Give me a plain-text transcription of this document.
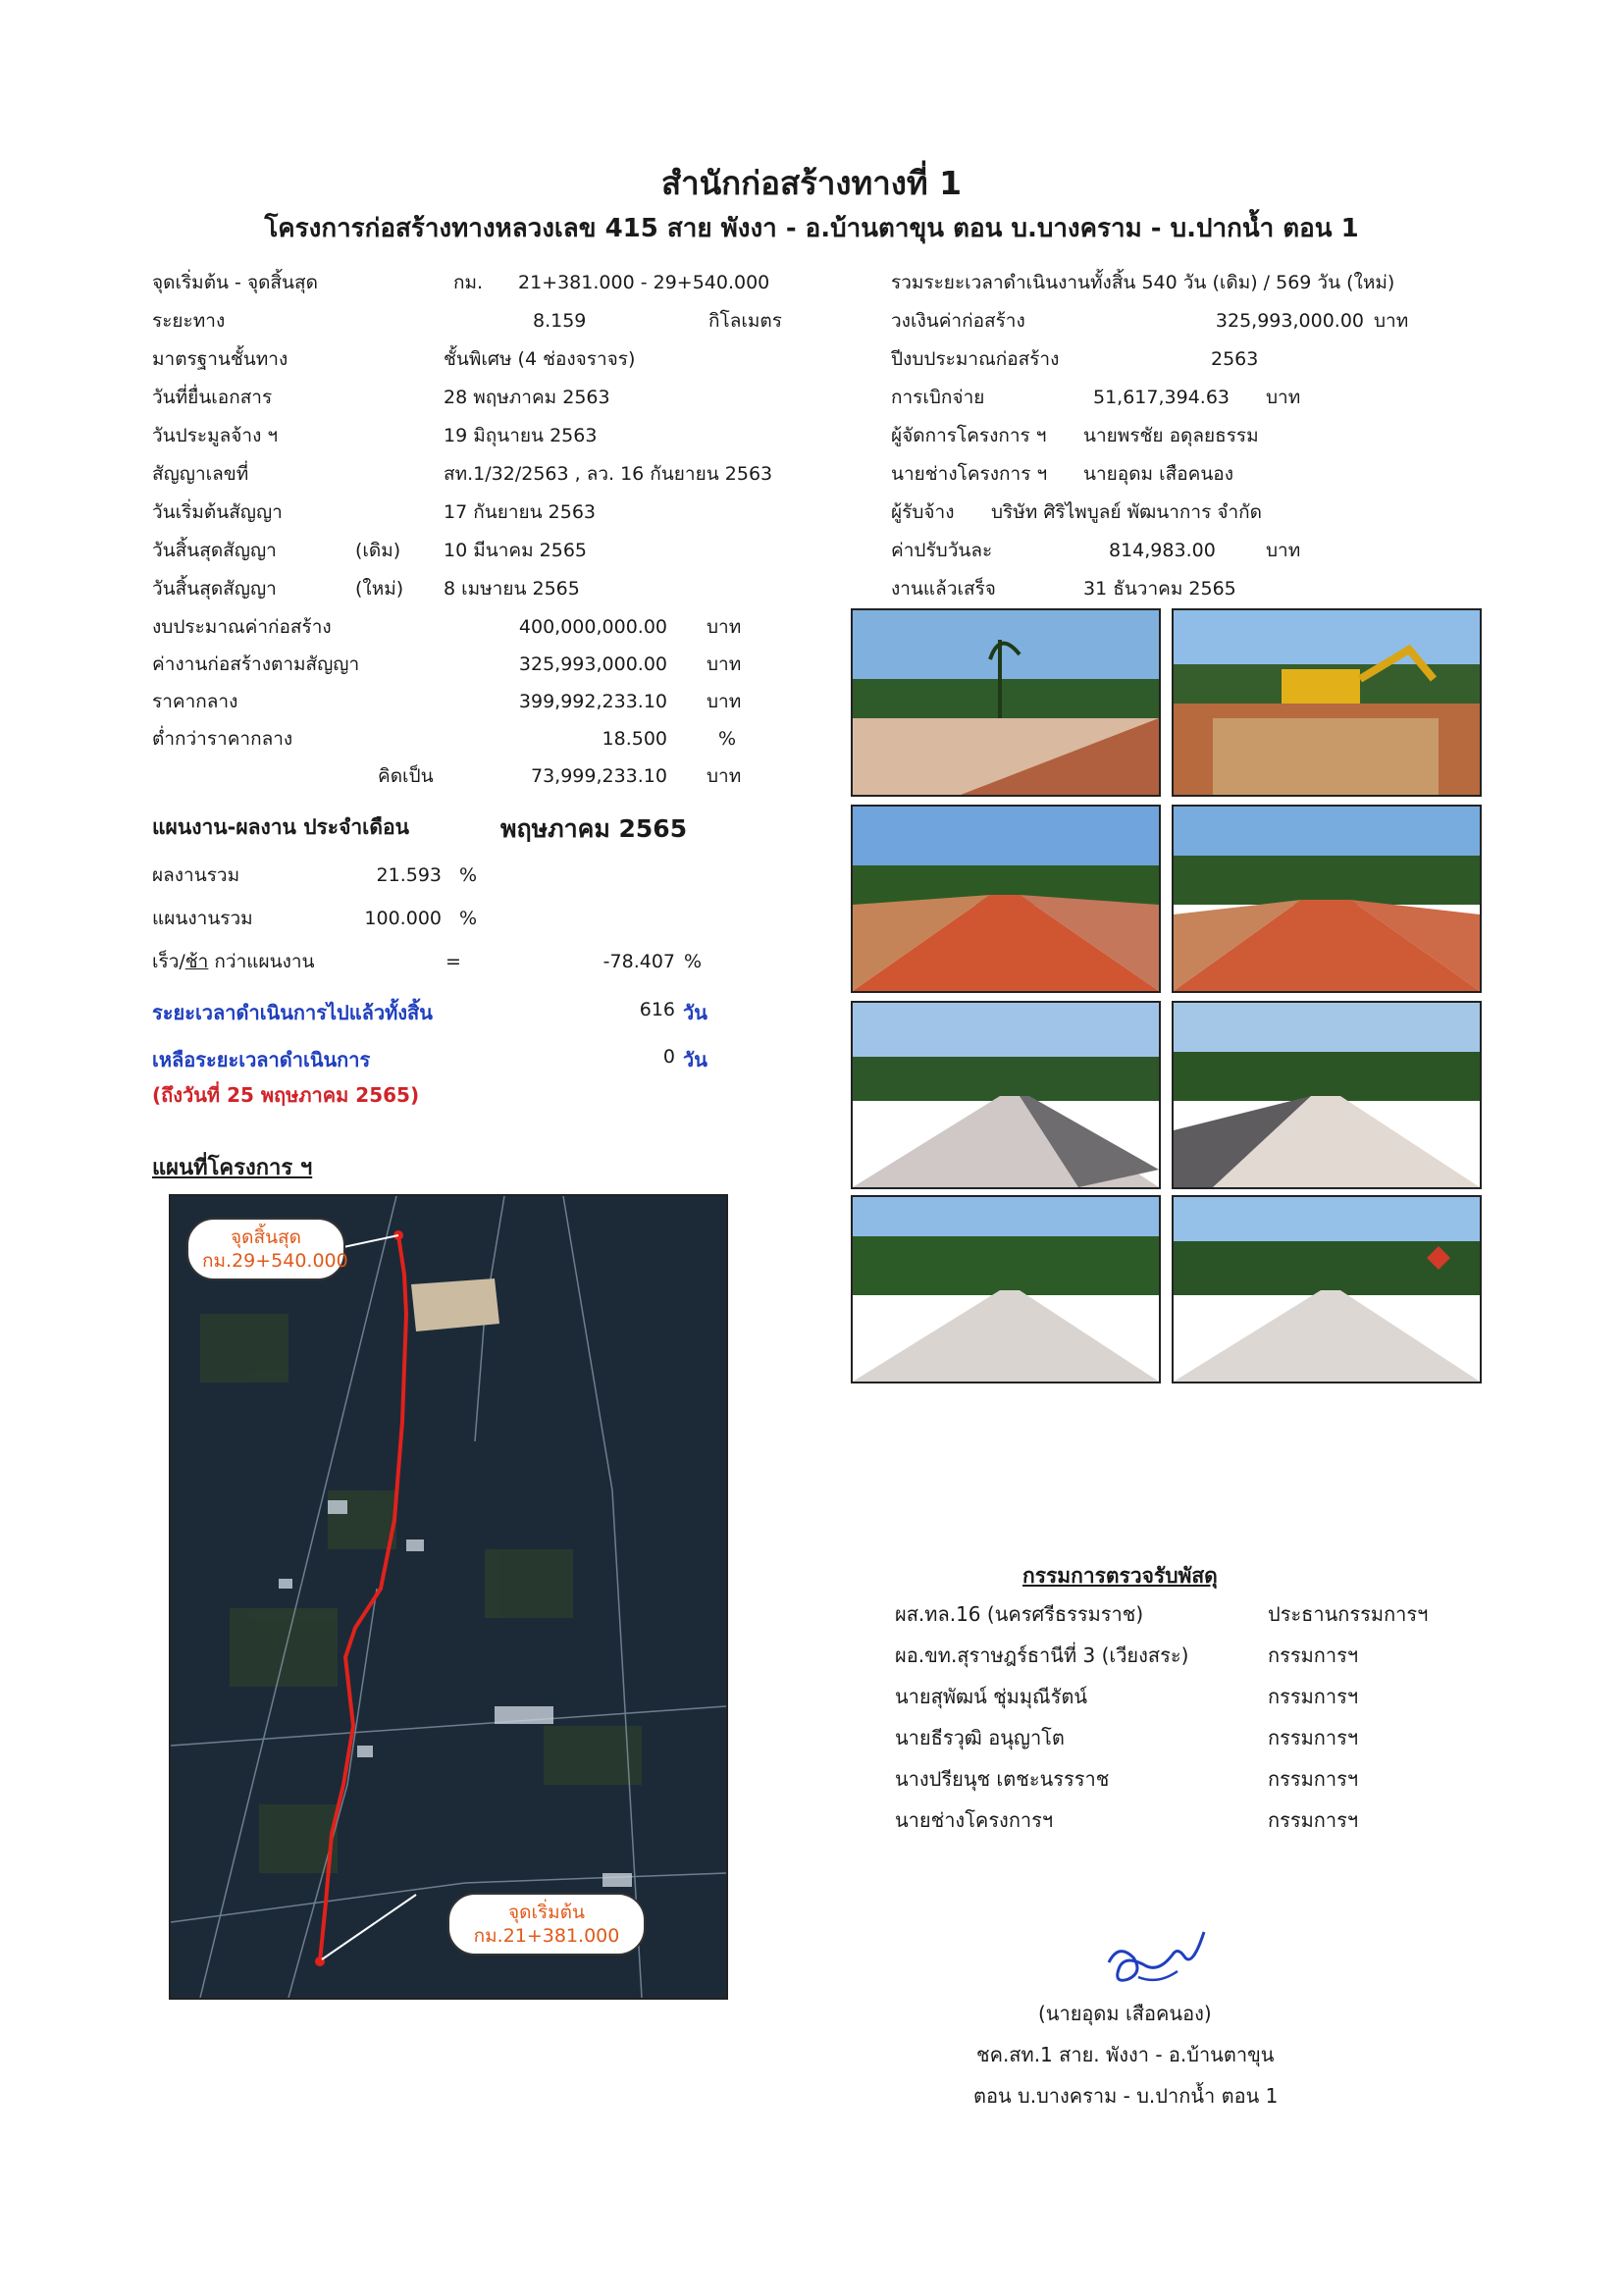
สำนักก่อสร้างทางที่ 1
โครงการก่อสร้างทางหลวงเลข 415 สาย พังงา - อ.บ้านตาขุน ตอน บ.บางคราม - บ.ปากน้ำ ตอน 1
จุดเริ่มต้น - จุดสิ้นสุด	กม. 21+381.000 - 29+540.000
ระยะทาง	8.159	กิโลเมตร
มาตรฐานชั้นทาง	ชั้นพิเศษ (4 ช่องจราจร)
วันที่ยื่นเอกสาร	28 พฤษภาคม 2563
วันประมูลจ้าง ฯ	19 มิถุนายน 2563
สัญญาเลขที่	สท.1/32/2563 , ลว. 16 กันยายน 2563
วันเริ่มต้นสัญญา	17 กันยายน 2563
วันสิ้นสุดสัญญา	(เดิม) 10 มีนาคม 2565
วันสิ้นสุดสัญญา	(ใหม่) 8 เมษายน 2565
งบประมาณค่าก่อสร้าง	400,000,000.00 บาท
ค่างานก่อสร้างตามสัญญา	325,993,000.00 บาท
ราคากลาง	399,992,233.10 บาท
ต่ำกว่าราคากลาง	18.500	%
คิดเป็น	73,999,233.10 บาท
รวมระยะเวลาดำเนินงานทั้งสิ้น 540 วัน (เดิม) / 569 วัน (ใหม่)
วงเงินค่าก่อสร้าง	325,993,000.00 บาท
ปีงบประมาณก่อสร้าง	2563
การเบิกจ่าย	51,617,394.63 บาท
ผู้จัดการโครงการ ฯ นายพรชัย อดุลยธรรม
นายช่างโครงการ ฯ นายอุดม เสือคนอง
ผู้รับจ้าง บริษัท ศิริไพบูลย์ พัฒนาการ จำกัด
ค่าปรับวันละ	814,983.00	บาท
งานแล้วเสร็จ	31 ธันวาคม 2565
แผนงาน-ผลงาน ประจำเดือน	พฤษภาคม 2565
ผลงานรวม	21.593 %
แผนงานรวม	100.000 %
เร็ว/ช้า กว่าแผนงาน	=	-78.407 %
ระยะเวลาดำเนินการไปแล้วทั้งสิ้น	616 วัน
เหลือระยะเวลาดำเนินการ	0 วัน
(ถึงวันที่ 25 พฤษภาคม 2565)
แผนที่โครงการ ฯ
จุดสิ้นสุด
กม.29+540.000
จุดเริ่มต้น
กม.21+381.000
กรรมการตรวจรับพัสดุ
ผส.ทล.16 (นครศรีธรรมราช)	ประธานกรรมการฯ
ผอ.ขท.สุราษฎร์ธานีที่ 3 (เวียงสระ)	กรรมการฯ
นายสุพัฒน์ ชุ่มมุณีรัตน์	กรรมการฯ
นายธีรวุฒิ อนุญาโต	กรรมการฯ
นางปรียนุช เตชะนรรราช	กรรมการฯ
นายช่างโครงการฯ	กรรมการฯ
(นายอุดม เสือคนอง)
ชค.สท.1 สาย. พังงา - อ.บ้านตาขุน
ตอน บ.บางคราม - บ.ปากน้ำ ตอน 1
